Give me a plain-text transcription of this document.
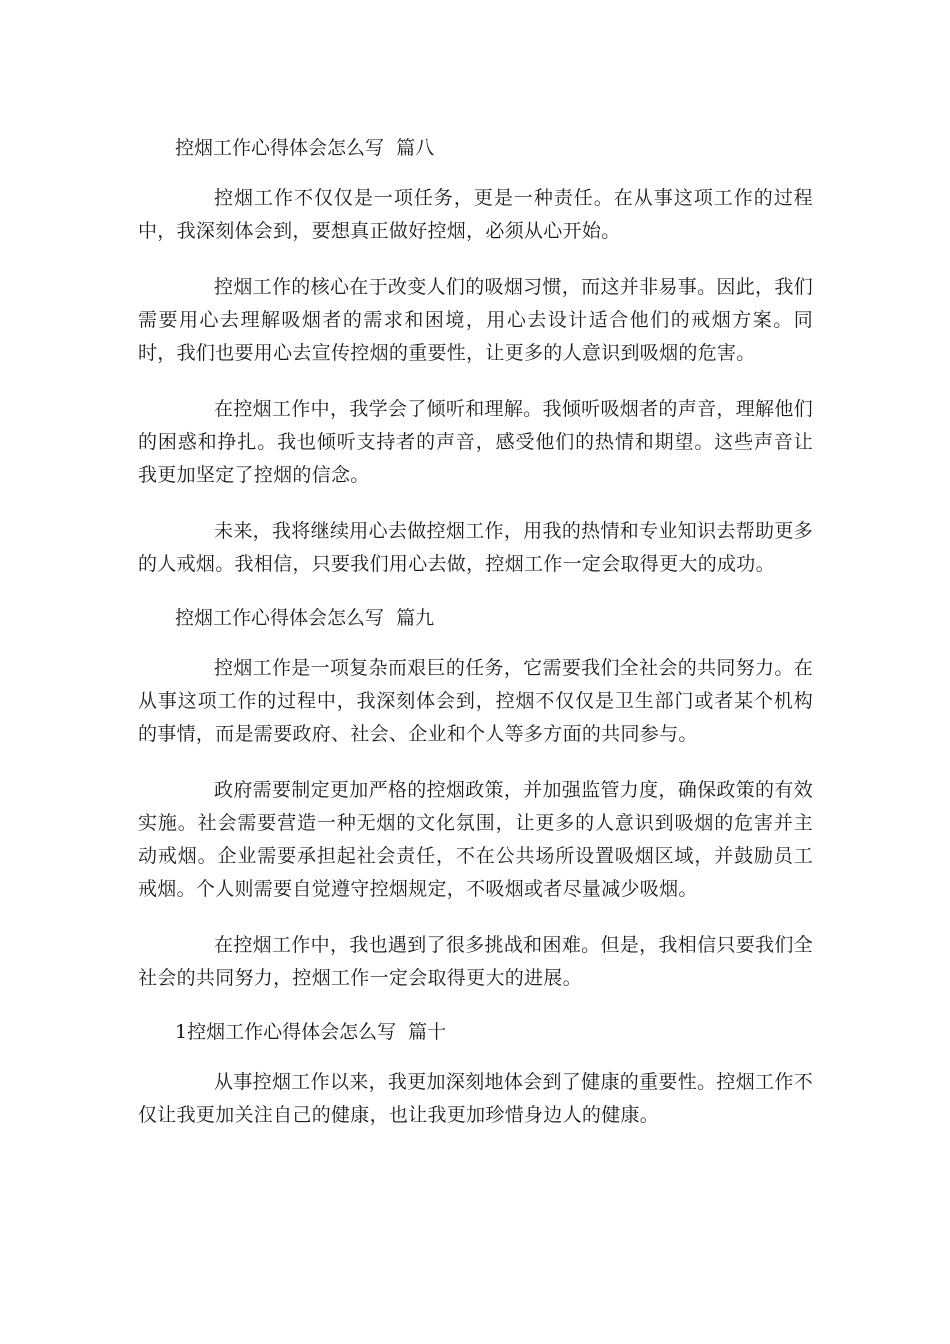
控烟工作心得体会怎么写  篇八

控烟工作不仅仅是一项任务，更是一种责任。在从事这项工作的过程中，我深刻体会到，要想真正做好控烟，必须从心开始。

控烟工作的核心在于改变人们的吸烟习惯，而这并非易事。因此，我们需要用心去理解吸烟者的需求和困境，用心去设计适合他们的戒烟方案。同时，我们也要用心去宣传控烟的重要性，让更多的人意识到吸烟的危害。

在控烟工作中，我学会了倾听和理解。我倾听吸烟者的声音，理解他们的困惑和挣扎。我也倾听支持者的声音，感受他们的热情和期望。这些声音让我更加坚定了控烟的信念。

未来，我将继续用心去做控烟工作，用我的热情和专业知识去帮助更多的人戒烟。我相信，只要我们用心去做，控烟工作一定会取得更大的成功。

控烟工作心得体会怎么写  篇九

控烟工作是一项复杂而艰巨的任务，它需要我们全社会的共同努力。在从事这项工作的过程中，我深刻体会到，控烟不仅仅是卫生部门或者某个机构的事情，而是需要政府、社会、企业和个人等多方面的共同参与。

政府需要制定更加严格的控烟政策，并加强监管力度，确保政策的有效实施。社会需要营造一种无烟的文化氛围，让更多的人意识到吸烟的危害并主动戒烟。企业需要承担起社会责任，不在公共场所设置吸烟区域，并鼓励员工戒烟。个人则需要自觉遵守控烟规定，不吸烟或者尽量减少吸烟。

在控烟工作中，我也遇到了很多挑战和困难。但是，我相信只要我们全社会的共同努力，控烟工作一定会取得更大的进展。

1控烟工作心得体会怎么写  篇十

从事控烟工作以来，我更加深刻地体会到了健康的重要性。控烟工作不仅让我更加关注自己的健康，也让我更加珍惜身边人的健康。
